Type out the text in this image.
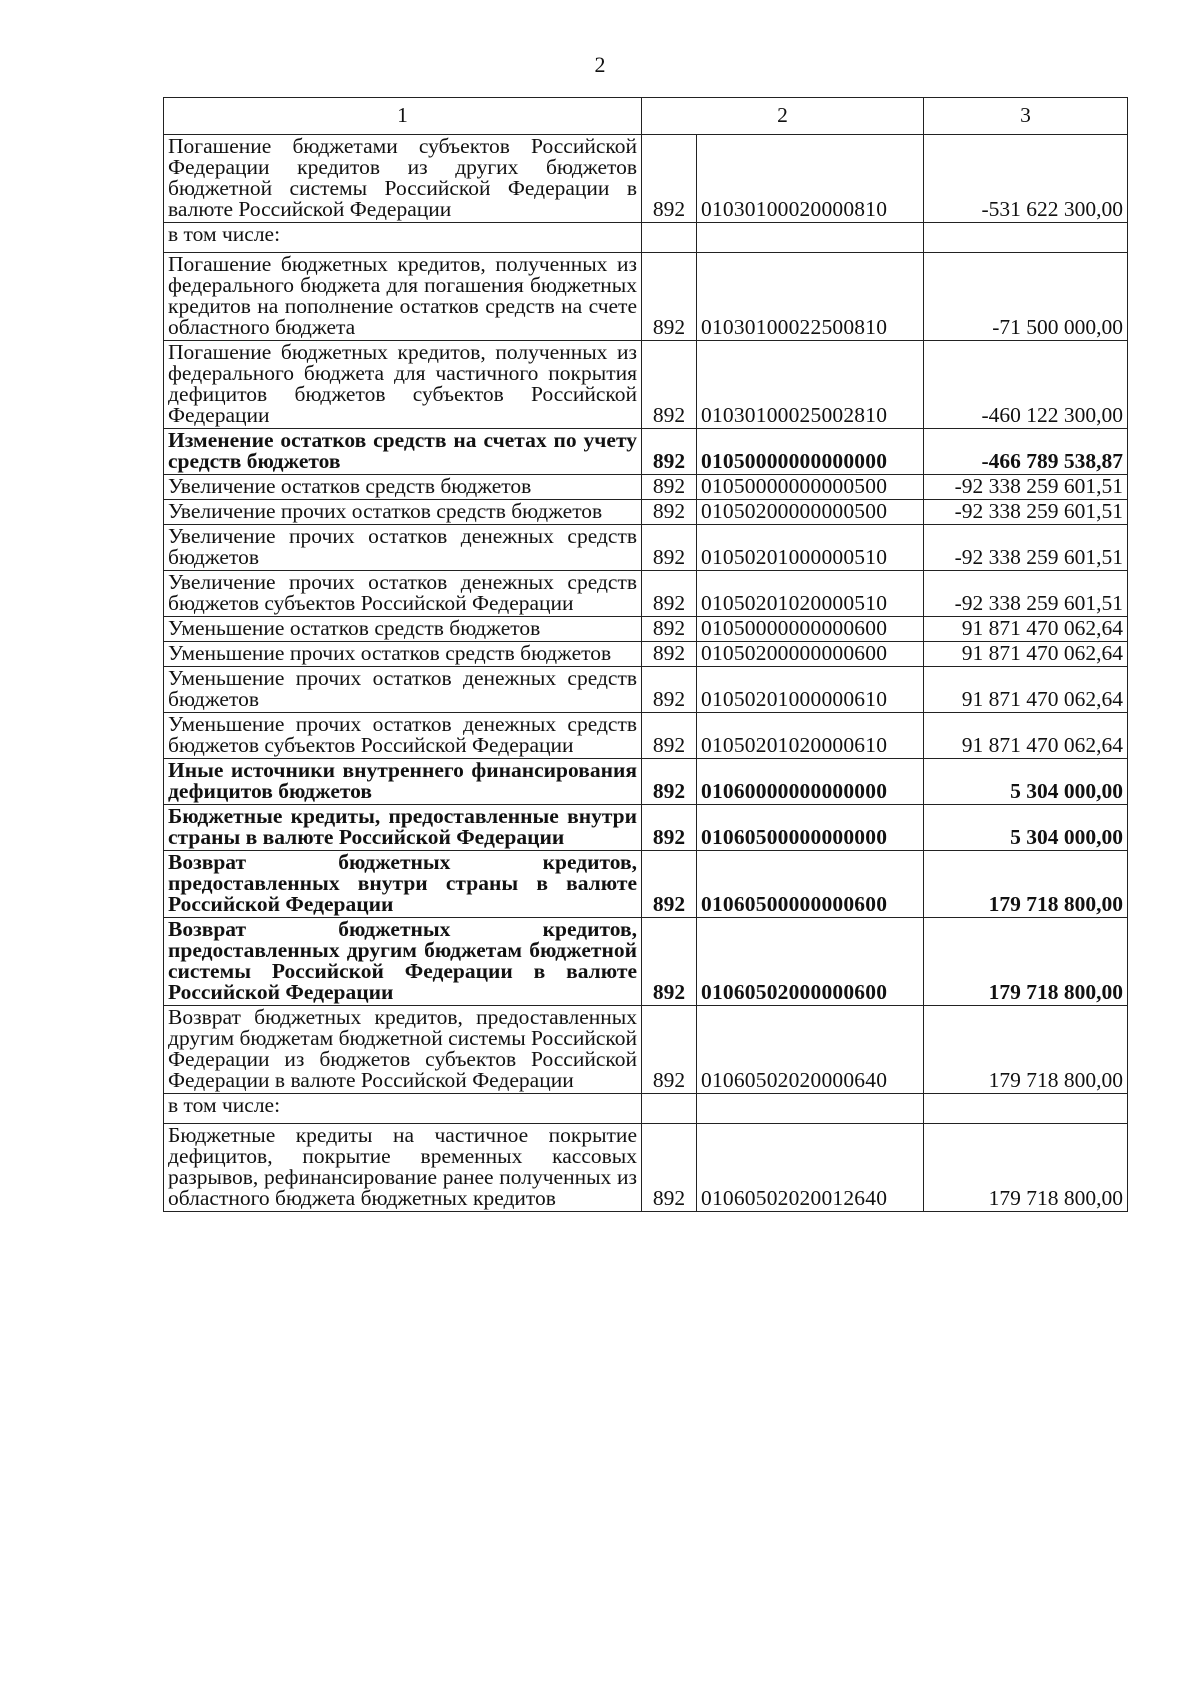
2
1	2		3
Погашение бюджетами субъектов Российской Федерации кредитов из других бюджетов бюджетной системы Российской Федерации в валюте Российской Федерации	892	01030100020000810	-531 622 300,00
в том числе:			
Погашение бюджетных кредитов, полученных из федерального бюджета для погашения бюджетных кредитов на пополнение остатков средств на счете областного бюджета	892	01030100022500810	-71 500 000,00
Погашение бюджетных кредитов, полученных из федерального бюджета для частичного покрытия дефицитов бюджетов субъектов Российской Федерации	892	01030100025002810	-460 122 300,00
Изменение остатков средств на счетах по учету средств бюджетов	892	01050000000000000	-466 789 538,87
Увеличение остатков средств бюджетов	892	01050000000000500	-92 338 259 601,51
Увеличение прочих остатков средств бюджетов	892	01050200000000500	-92 338 259 601,51
Увеличение прочих остатков денежных средств бюджетов	892	01050201000000510	-92 338 259 601,51
Увеличение прочих остатков денежных средств бюджетов субъектов Российской Федерации	892	01050201020000510	-92 338 259 601,51
Уменьшение остатков средств бюджетов	892	01050000000000600	91 871 470 062,64
Уменьшение прочих остатков средств бюджетов	892	01050200000000600	91 871 470 062,64
Уменьшение прочих остатков денежных средств бюджетов	892	01050201000000610	91 871 470 062,64
Уменьшение прочих остатков денежных средств бюджетов субъектов Российской Федерации	892	01050201020000610	91 871 470 062,64
Иные источники внутреннего финансирования дефицитов бюджетов	892	01060000000000000	5 304 000,00
Бюджетные кредиты, предоставленные внутри страны в валюте Российской Федерации	892	01060500000000000	5 304 000,00
Возврат бюджетных кредитов, предоставленных внутри страны в валюте Российской Федерации	892	01060500000000600	179 718 800,00
Возврат бюджетных кредитов, предоставленных другим бюджетам бюджетной системы Российской Федерации в валюте Российской Федерации	892	01060502000000600	179 718 800,00
Возврат бюджетных кредитов, предоставленных другим бюджетам бюджетной системы Российской Федерации из бюджетов субъектов Российской Федерации в валюте Российской Федерации	892	01060502020000640	179 718 800,00
в том числе:			
Бюджетные кредиты на частичное покрытие дефицитов, покрытие временных кассовых разрывов, рефинансирование ранее полученных из областного бюджета бюджетных кредитов	892	01060502020012640	179 718 800,00
